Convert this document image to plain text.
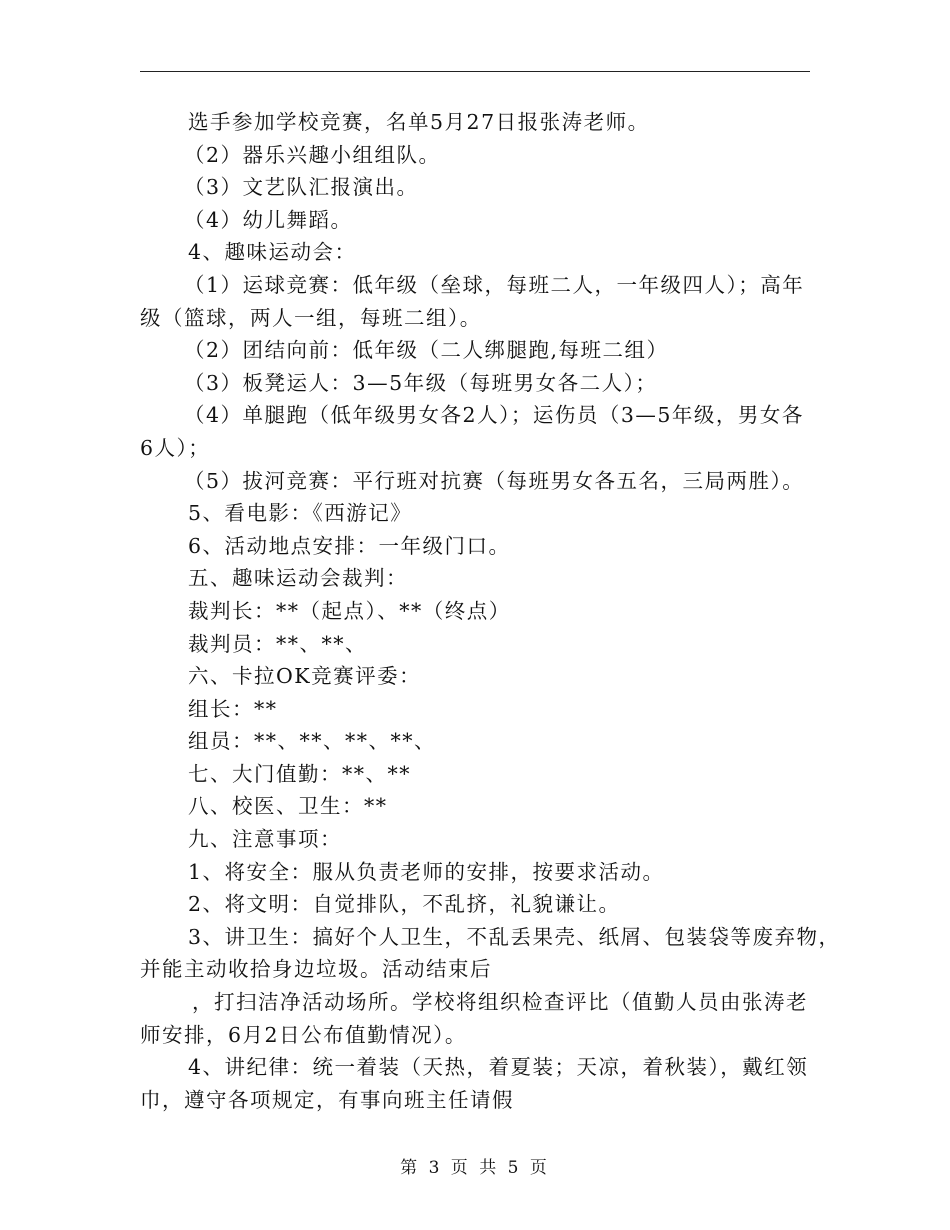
选手参加学校竞赛，名单5月27日报张涛老师。
（2）器乐兴趣小组组队。
（3）文艺队汇报演出。
（4）幼儿舞蹈。
4、趣味运动会：
（1）运球竞赛：低年级（垒球，每班二人，一年级四人）；高年
级（篮球，两人一组，每班二组）。
（2）团结向前：低年级（二人绑腿跑,每班二组）
（3）板凳运人：3—5年级（每班男女各二人）；
（4）单腿跑（低年级男女各2人）；运伤员（3—5年级，男女各
6人）；
（5）拔河竞赛：平行班对抗赛（每班男女各五名，三局两胜）。
5、看电影：《西游记》
6、活动地点安排：一年级门口。
五、趣味运动会裁判：
裁判长：**（起点）、**（终点）
裁判员：**、**、
六、卡拉OK竞赛评委：
组长：**
组员：**、**、**、**、
七、大门值勤：**、**
八、校医、卫生：**
九、注意事项：
1、将安全：服从负责老师的安排，按要求活动。
2、将文明：自觉排队，不乱挤，礼貌谦让。
3、讲卫生：搞好个人卫生，不乱丢果壳、纸屑、包装袋等废弃物，
并能主动收拾身边垃圾。活动结束后
，打扫洁净活动场所。学校将组织检查评比（值勤人员由张涛老
师安排，6月2日公布值勤情况）。
4、讲纪律：统一着装（天热，着夏装；天凉，着秋装），戴红领
巾，遵守各项规定，有事向班主任请假
第 3 页 共 5 页
